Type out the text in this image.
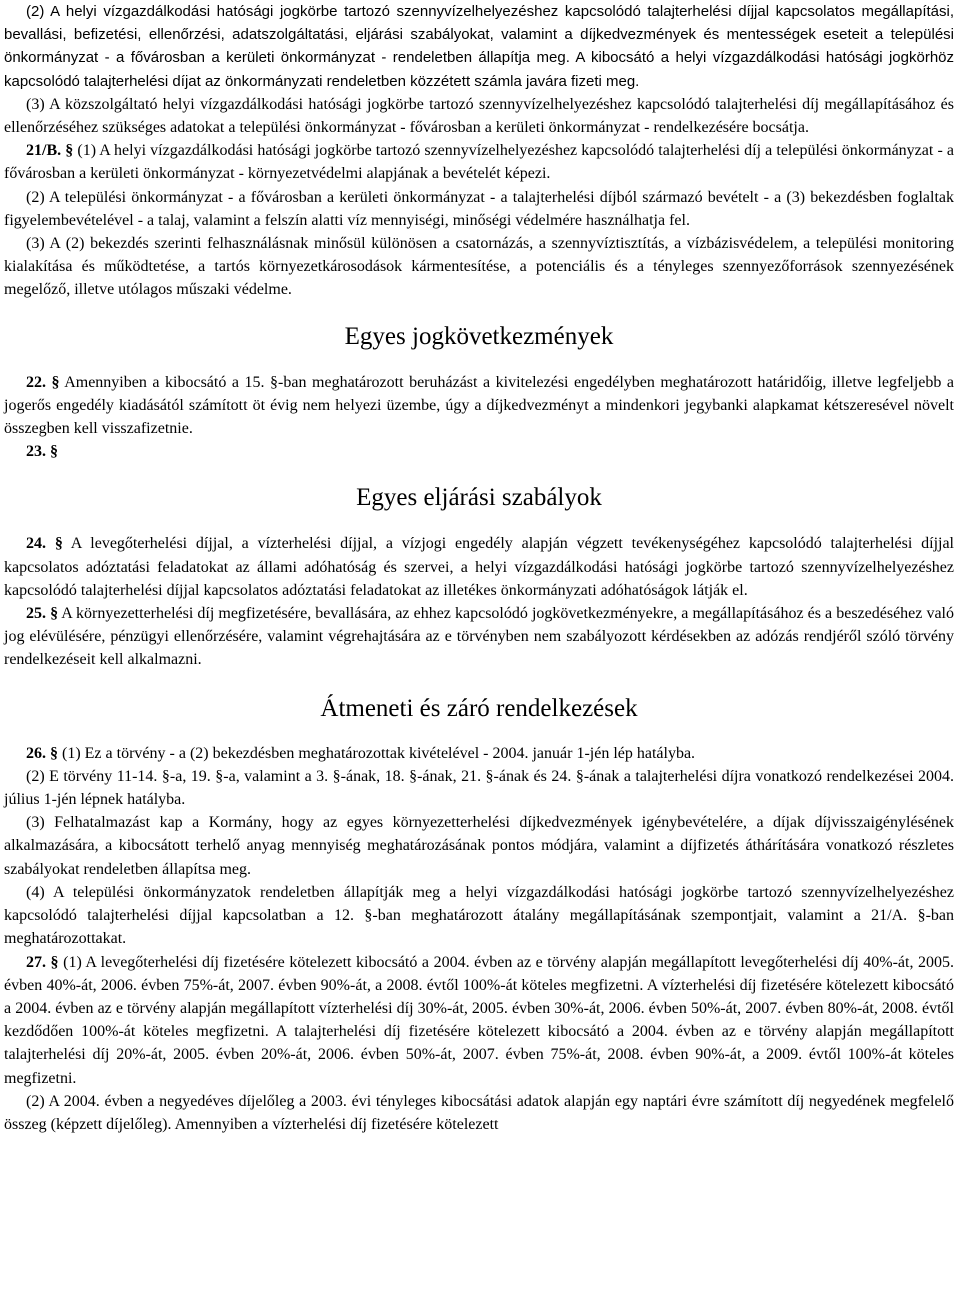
(2) A helyi vízgazdálkodási hatósági jogkörbe tartozó szennyvízelhelyezéshez kapcsolódó talajterhelési díjjal kapcsolatos megállapítási, bevallási, befizetési, ellenőrzési, adatszolgáltatási, eljárási szabályokat, valamint a díjkedvezmények és mentességek eseteit a települési önkormányzat - a fővárosban a kerületi önkormányzat - rendeletben állapítja meg. A kibocsátó a helyi vízgazdálkodási hatósági jogkörhöz kapcsolódó talajterhelési díjat az önkormányzati rendeletben közzétett számla javára fizeti meg.

(3) A közszolgáltató helyi vízgazdálkodási hatósági jogkörbe tartozó szennyvízelhelyezéshez kapcsolódó talajterhelési díj megállapításához és ellenőrzéséhez szükséges adatokat a települési önkormányzat - fővárosban a kerületi önkormányzat - rendelkezésére bocsátja.

21/B. § (1) A helyi vízgazdálkodási hatósági jogkörbe tartozó szennyvízelhelyezéshez kapcsolódó talajterhelési díj a települési önkormányzat - a fővárosban a kerületi önkormányzat - környezetvédelmi alapjának a bevételét képezi.

(2) A települési önkormányzat - a fővárosban a kerületi önkormányzat - a talajterhelési díjból származó bevételt - a (3) bekezdésben foglaltak figyelembevételével - a talaj, valamint a felszín alatti víz mennyiségi, minőségi védelmére használhatja fel.

(3) A (2) bekezdés szerinti felhasználásnak minősül különösen a csatornázás, a szennyvíztisztítás, a vízbázisvédelem, a települési monitoring kialakítása és működtetése, a tartós környezetkárosodások kármentesítése, a potenciális és a tényleges szennyezőforrások szennyezésének megelőző, illetve utólagos műszaki védelme.

Egyes jogkövetkezmények

22. § Amennyiben a kibocsátó a 15. §-ban meghatározott beruházást a kivitelezési engedélyben meghatározott határidőig, illetve legfeljebb a jogerős engedély kiadásától számított öt évig nem helyezi üzembe, úgy a díjkedvezményt a mindenkori jegybanki alapkamat kétszeresével növelt összegben kell visszafizetnie.

23. §

Egyes eljárási szabályok

24. § A levegőterhelési díjjal, a vízterhelési díjjal, a vízjogi engedély alapján végzett tevékenységéhez kapcsolódó talajterhelési díjjal kapcsolatos adóztatási feladatokat az állami adóhatóság és szervei, a helyi vízgazdálkodási hatósági jogkörbe tartozó szennyvízelhelyezéshez kapcsolódó talajterhelési díjjal kapcsolatos adóztatási feladatokat az illetékes önkormányzati adóhatóságok látják el.

25. § A környezetterhelési díj megfizetésére, bevallására, az ehhez kapcsolódó jogkövetkezményekre, a megállapításához és a beszedéséhez való jog elévülésére, pénzügyi ellenőrzésére, valamint végrehajtására az e törvényben nem szabályozott kérdésekben az adózás rendjéről szóló törvény rendelkezéseit kell alkalmazni.

Átmeneti és záró rendelkezések

26. § (1) Ez a törvény - a (2) bekezdésben meghatározottak kivételével - 2004. január 1-jén lép hatályba.

(2) E törvény 11-14. §-a, 19. §-a, valamint a 3. §-ának, 18. §-ának, 21. §-ának és 24. §-ának a talajterhelési díjra vonatkozó rendelkezései 2004. július 1-jén lépnek hatályba.

(3) Felhatalmazást kap a Kormány, hogy az egyes környezetterhelési díjkedvezmények igénybevételére, a díjak díjvisszaigénylésének alkalmazására, a kibocsátott terhelő anyag mennyiség meghatározásának pontos módjára, valamint a díjfizetés áthárítására vonatkozó részletes szabályokat rendeletben állapítsa meg.

(4) A települési önkormányzatok rendeletben állapítják meg a helyi vízgazdálkodási hatósági jogkörbe tartozó szennyvízelhelyezéshez kapcsolódó talajterhelési díjjal kapcsolatban a 12. §-ban meghatározott átalány megállapításának szempontjait, valamint a 21/A. §-ban meghatározottakat.

27. § (1) A levegőterhelési díj fizetésére kötelezett kibocsátó a 2004. évben az e törvény alapján megállapított levegőterhelési díj 40%-át, 2005. évben 40%-át, 2006. évben 75%-át, 2007. évben 90%-át, a 2008. évtől 100%-át köteles megfizetni. A vízterhelési díj fizetésére kötelezett kibocsátó a 2004. évben az e törvény alapján megállapított vízterhelési díj 30%-át, 2005. évben 30%-át, 2006. évben 50%-át, 2007. évben 80%-át, 2008. évtől kezdődően 100%-át köteles megfizetni. A talajterhelési díj fizetésére kötelezett kibocsátó a 2004. évben az e törvény alapján megállapított talajterhelési díj 20%-át, 2005. évben 20%-át, 2006. évben 50%-át, 2007. évben 75%-át, 2008. évben 90%-át, a 2009. évtől 100%-át köteles megfizetni.

(2) A 2004. évben a negyedéves díjelőleg a 2003. évi tényleges kibocsátási adatok alapján egy naptári évre számított díj negyedének megfelelő összeg (képzett díjelőleg). Amennyiben a vízterhelési díj fizetésére kötelezett
